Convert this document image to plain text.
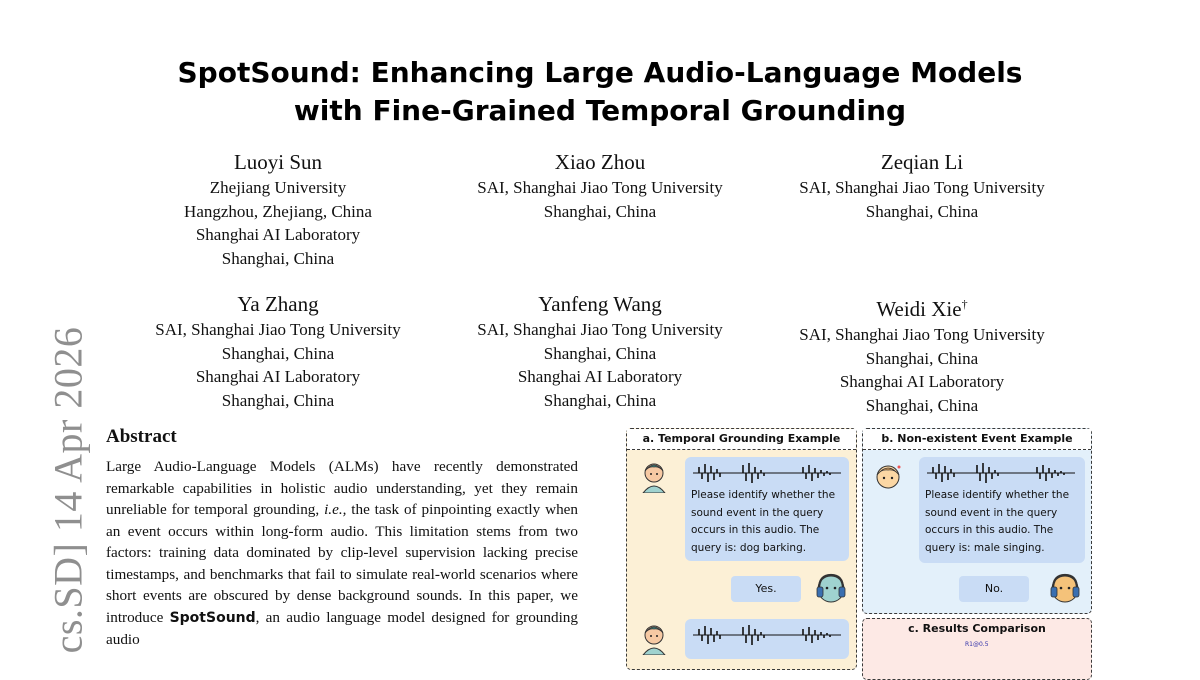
SpotSound: Enhancing Large Audio-Language Models
with Fine-Grained Temporal Grounding
Luoyi Sun
Zhejiang University
Hangzhou, Zhejiang, China
Shanghai AI Laboratory
Shanghai, China
Xiao Zhou
SAI, Shanghai Jiao Tong University
Shanghai, China
Zeqian Li
SAI, Shanghai Jiao Tong University
Shanghai, China
Ya Zhang
SAI, Shanghai Jiao Tong University
Shanghai, China
Shanghai AI Laboratory
Shanghai, China
Yanfeng Wang
SAI, Shanghai Jiao Tong University
Shanghai, China
Shanghai AI Laboratory
Shanghai, China
Weidi Xie†
SAI, Shanghai Jiao Tong University
Shanghai, China
Shanghai AI Laboratory
Shanghai, China
cs.SD] 14 Apr 2026 Abstract

Large Audio-Language Models (ALMs) have recently demonstrated remarkable capabilities in holistic audio understanding, yet they remain unreliable for temporal grounding, i.e., the task of pinpointing exactly when an event occurs within long-form audio. This limitation stems from two factors: training data dominated by clip-level supervision lacking precise timestamps, and benchmarks that fail to simulate real-world scenarios where short events are obscured by dense background sounds. In this paper, we introduce SpotSound, an audio language model designed for grounding audio

a. Temporal Grounding Example
Please identify whether the sound event in the query occurs in this audio. The query is: dog barking.
Yes.
b. Non-existent Event Example
Please identify whether the sound event in the query occurs in this audio. The query is: male singing.
No.
c. Results Comparison
R1@0.5
